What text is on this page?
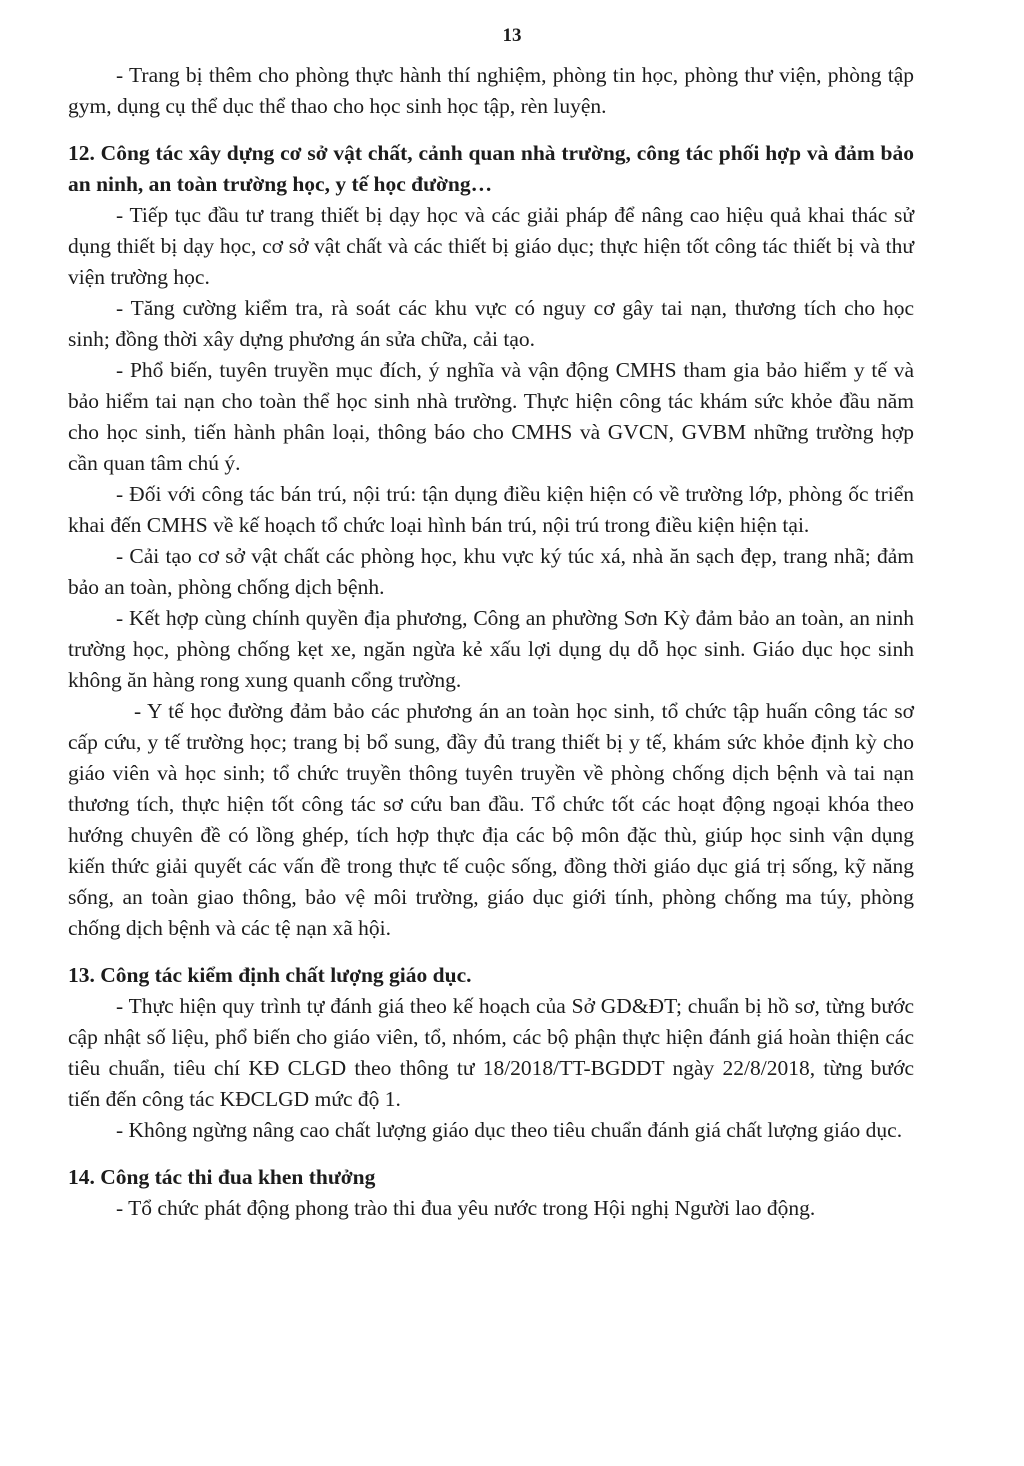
13

- Trang bị thêm cho phòng thực hành thí nghiệm, phòng tin học, phòng thư viện, phòng tập gym, dụng cụ thể dục thể thao cho học sinh học tập, rèn luyện.

12. Công tác xây dựng cơ sở vật chất, cảnh quan nhà trường, công tác phối hợp và đảm bảo an ninh, an toàn trường học, y tế học đường…

- Tiếp tục đầu tư trang thiết bị dạy học và các giải pháp để nâng cao hiệu quả khai thác sử dụng thiết bị dạy học, cơ sở vật chất và các thiết bị giáo dục; thực hiện tốt công tác thiết bị và thư viện trường học.

- Tăng cường kiểm tra, rà soát các khu vực có nguy cơ gây tai nạn, thương tích cho học sinh; đồng thời xây dựng phương án sửa chữa, cải tạo.

- Phổ biến, tuyên truyền mục đích, ý nghĩa và vận động CMHS tham gia bảo hiểm y tế và bảo hiểm tai nạn cho toàn thể học sinh nhà trường. Thực hiện công tác khám sức khỏe đầu năm cho học sinh, tiến hành phân loại, thông báo cho CMHS và GVCN, GVBM những trường hợp cần quan tâm chú ý.

- Đối với công tác bán trú, nội trú: tận dụng điều kiện hiện có về trường lớp, phòng ốc triển khai đến CMHS về kế hoạch tổ chức loại hình bán trú, nội trú trong điều kiện hiện tại.

- Cải tạo cơ sở vật chất các phòng học, khu vực ký túc xá, nhà ăn sạch đẹp, trang nhã; đảm bảo an toàn, phòng chống dịch bệnh.

- Kết hợp cùng chính quyền địa phương, Công an phường Sơn Kỳ đảm bảo an toàn, an ninh trường học, phòng chống kẹt xe, ngăn ngừa kẻ xấu lợi dụng dụ dỗ học sinh. Giáo dục học sinh không ăn hàng rong xung quanh cổng trường.

- Y tế học đường đảm bảo các phương án an toàn học sinh, tổ chức tập huấn công tác sơ cấp cứu, y tế trường học; trang bị bổ sung, đầy đủ trang thiết bị y tế, khám sức khỏe định kỳ cho giáo viên và học sinh; tổ chức truyền thông tuyên truyền về phòng chống dịch bệnh và tai nạn thương tích, thực hiện tốt công tác sơ cứu ban đầu. Tổ chức tốt các hoạt động ngoại khóa theo hướng chuyên đề có lồng ghép, tích hợp thực địa các bộ môn đặc thù, giúp học sinh vận dụng kiến thức giải quyết các vấn đề trong thực tế cuộc sống, đồng thời giáo dục giá trị sống, kỹ năng sống, an toàn giao thông, bảo vệ môi trường, giáo dục giới tính, phòng chống ma túy, phòng chống dịch bệnh và các tệ nạn xã hội.

13. Công tác kiểm định chất lượng giáo dục.

- Thực hiện quy trình tự đánh giá theo kế hoạch của Sở GD&ĐT; chuẩn bị hồ sơ, từng bước cập nhật số liệu, phổ biến cho giáo viên, tổ, nhóm, các bộ phận thực hiện đánh giá hoàn thiện các tiêu chuẩn, tiêu chí KĐ CLGD theo thông tư 18/2018/TT-BGDDT ngày 22/8/2018, từng bước tiến đến công tác KĐCLGD mức độ 1.

- Không ngừng nâng cao chất lượng giáo dục theo tiêu chuẩn đánh giá chất lượng giáo dục.

14. Công tác thi đua khen thưởng

- Tổ chức phát động phong trào thi đua yêu nước trong Hội nghị Người lao động.
